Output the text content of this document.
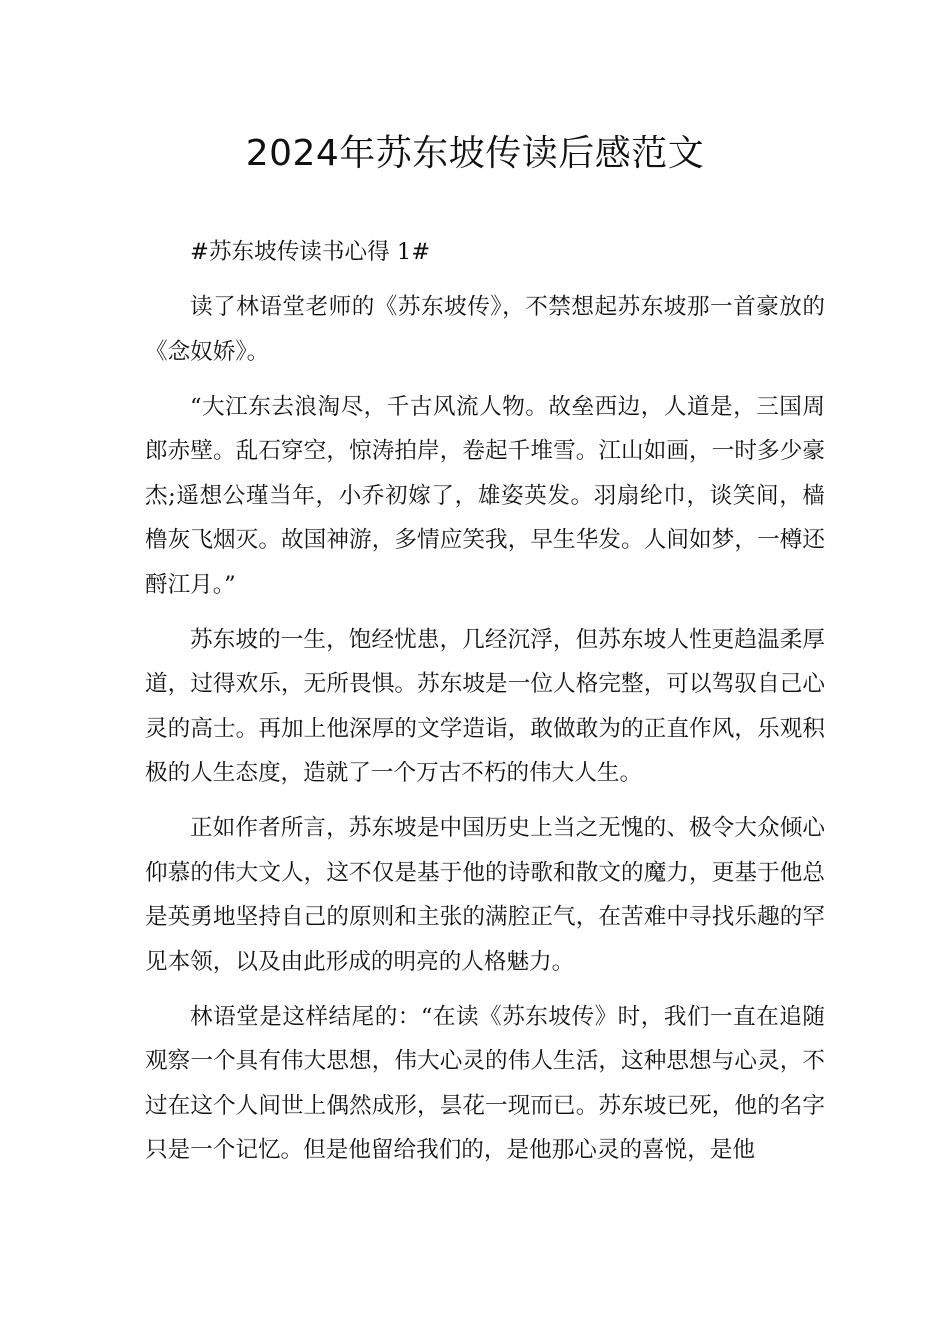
2024年苏东坡传读后感范文

#苏东坡传读书心得 1#

读了林语堂老师的《苏东坡传》，不禁想起苏东坡那一首豪放的《念奴娇》。

“大江东去浪淘尽，千古风流人物。故垒西边，人道是，三国周郎赤壁。乱石穿空，惊涛拍岸，卷起千堆雪。江山如画，一时多少豪杰;遥想公瑾当年，小乔初嫁了，雄姿英发。羽扇纶巾，谈笑间，樯橹灰飞烟灭。故国神游，多情应笑我，早生华发。人间如梦，一樽还酹江月。”

苏东坡的一生，饱经忧患，几经沉浮，但苏东坡人性更趋温柔厚道，过得欢乐，无所畏惧。苏东坡是一位人格完整，可以驾驭自己心灵的高士。再加上他深厚的文学造诣，敢做敢为的正直作风，乐观积极的人生态度，造就了一个万古不朽的伟大人生。

正如作者所言，苏东坡是中国历史上当之无愧的、极令大众倾心仰慕的伟大文人，这不仅是基于他的诗歌和散文的魔力，更基于他总是英勇地坚持自己的原则和主张的满腔正气，在苦难中寻找乐趣的罕见本领，以及由此形成的明亮的人格魅力。

林语堂是这样结尾的：“在读《苏东坡传》时，我们一直在追随观察一个具有伟大思想，伟大心灵的伟人生活，这种思想与心灵，不过在这个人间世上偶然成形，昙花一现而已。苏东坡已死，他的名字只是一个记忆。但是他留给我们的，是他那心灵的喜悦，是他
